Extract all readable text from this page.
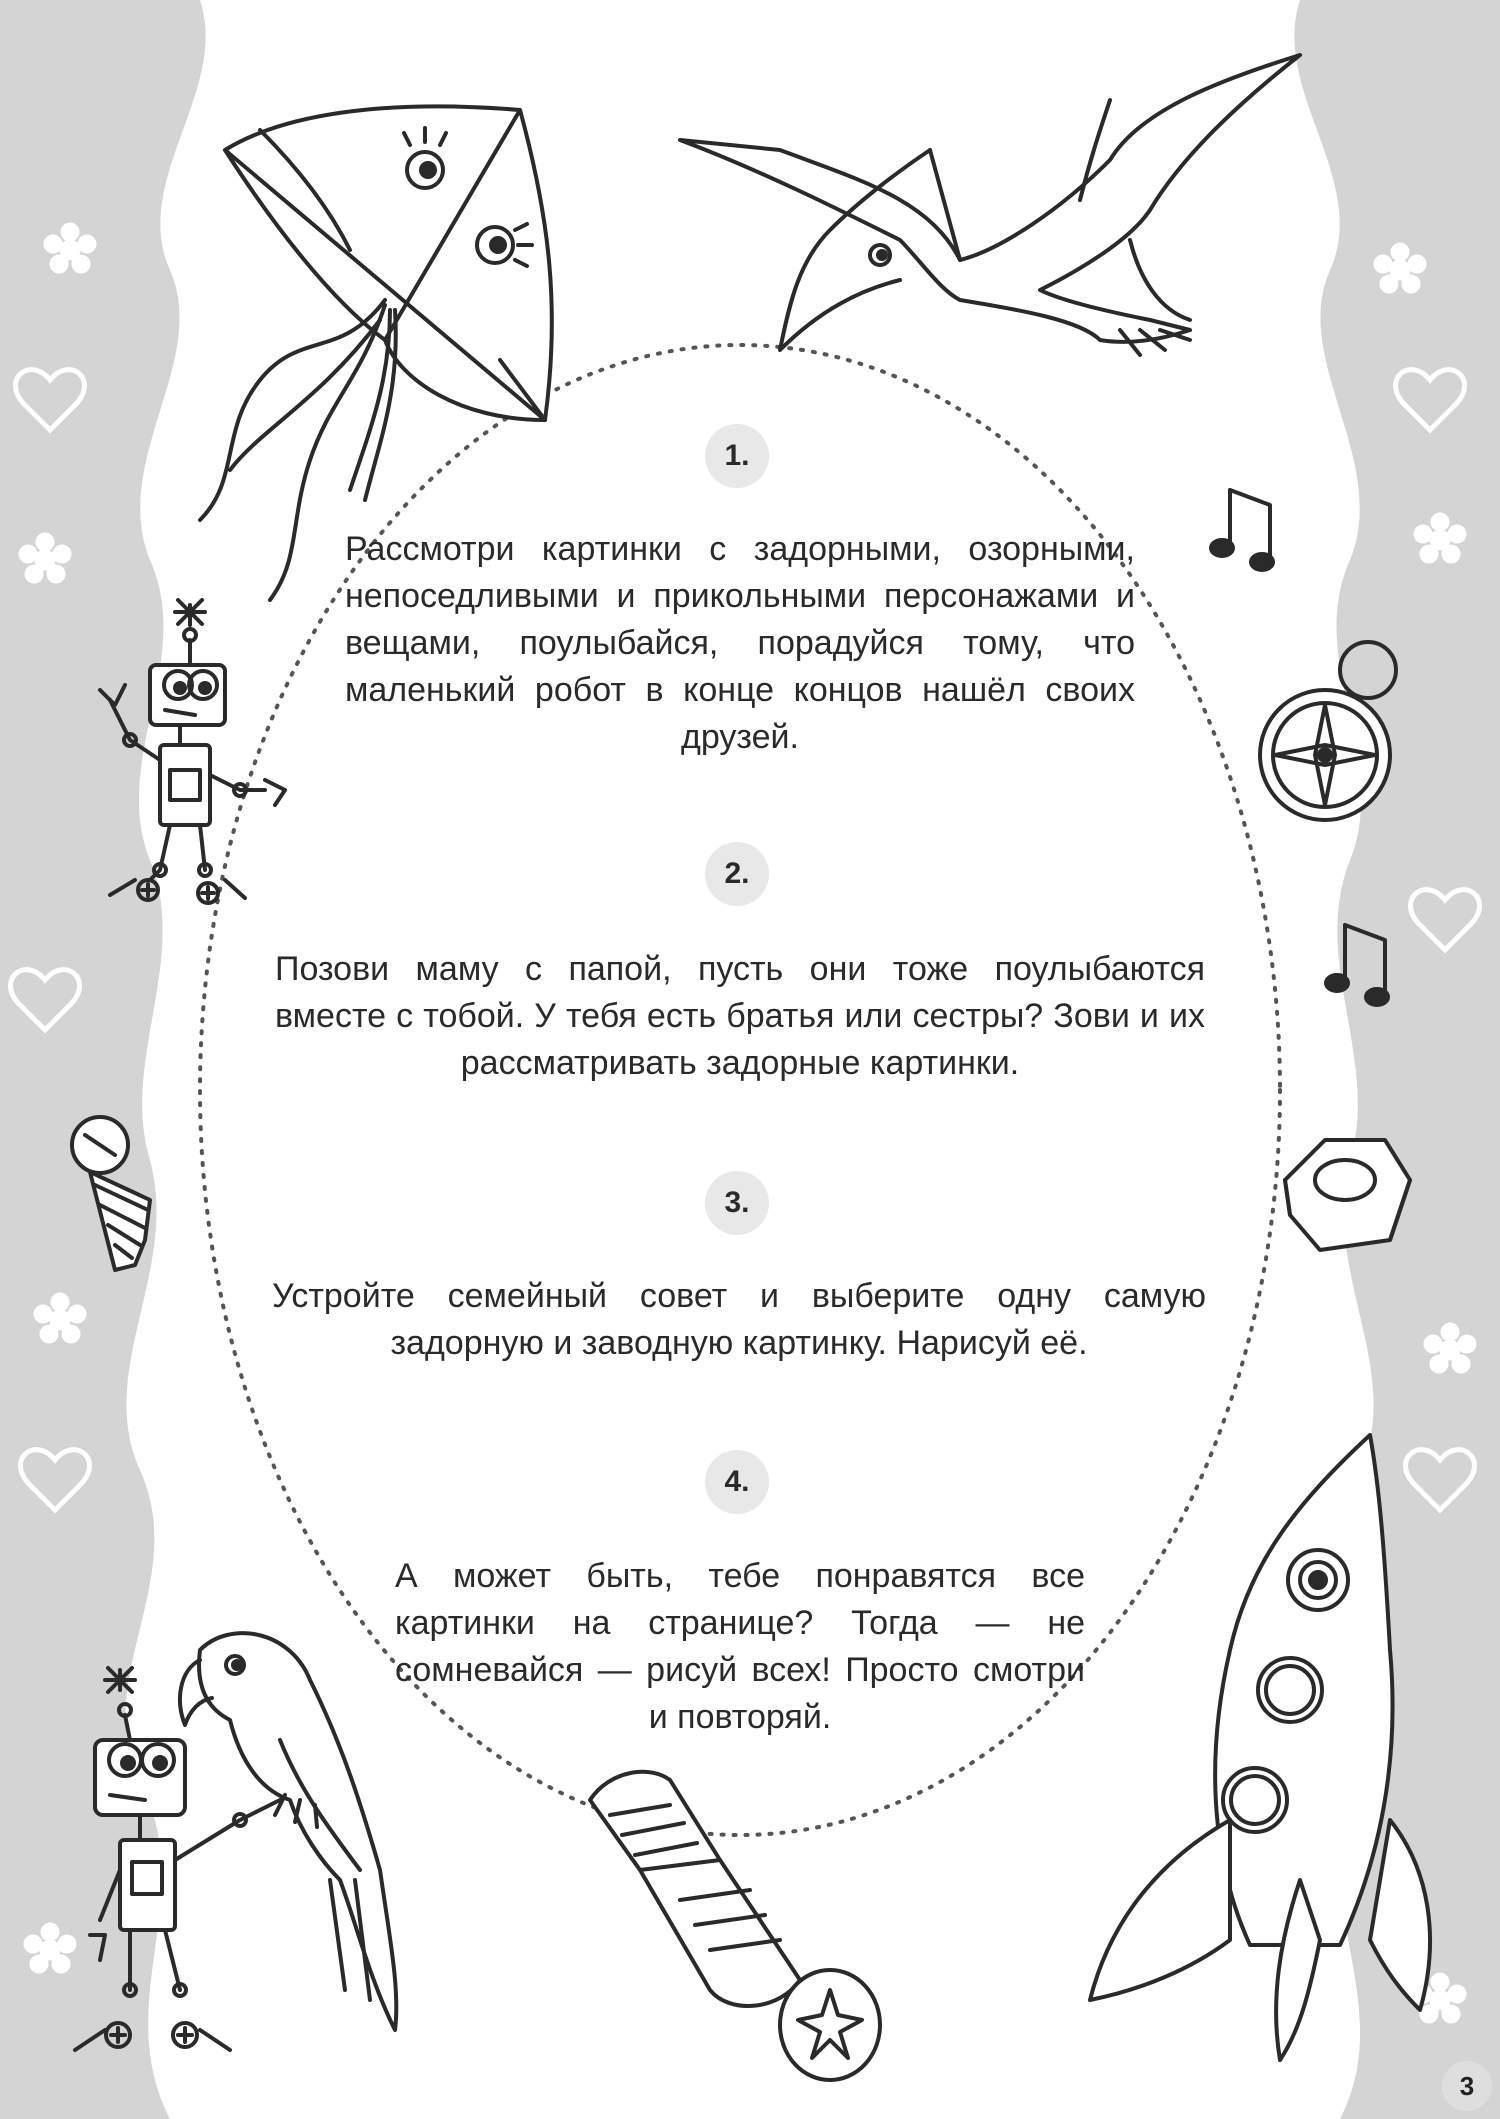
1.

Рассмотри картинки с задорными, озорными, непоседливыми и прикольными персонажами и вещами, поулыбайся, порадуйся тому, что маленький робот в конце концов нашёл своих друзей.

2.

Позови маму с папой, пусть они тоже поулыбаются вместе с тобой. У тебя есть братья или сестры? Зови и их рассматривать задорные картинки.

3.

Устройте семейный совет и выберите одну самую задорную и заводную картинку. Нарисуй её.

4.

А может быть, тебе понравятся все картинки на странице? Тогда — не сомневайся — рисуй всех! Просто смотри и повторяй.

3
